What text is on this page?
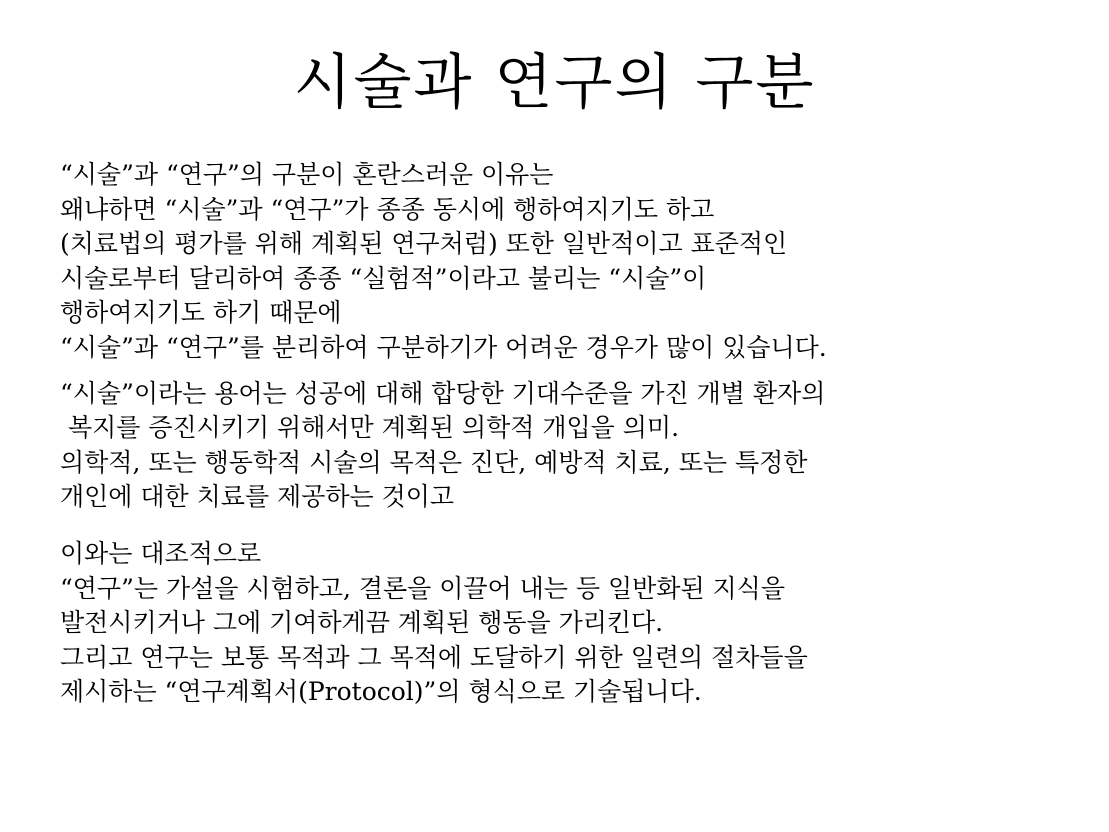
시술과 연구의 구분

“시술”과 “연구”의 구분이 혼란스러운 이유는
왜냐하면 “시술”과 “연구”가 종종 동시에 행하여지기도 하고
(치료법의 평가를 위해 계획된 연구처럼) 또한 일반적이고 표준적인
시술로부터 달리하여 종종 “실험적”이라고 불리는 “시술”이
행하여지기도 하기 때문에
“시술”과 “연구”를 분리하여 구분하기가 어려운 경우가 많이 있습니다.

“시술”이라는 용어는 성공에 대해 합당한 기대수준을 가진 개별 환자의
복지를 증진시키기 위해서만 계획된 의학적 개입을 의미.
의학적, 또는 행동학적 시술의 목적은 진단, 예방적 치료, 또는 특정한
개인에 대한 치료를 제공하는 것이고

이와는 대조적으로
“연구”는 가설을 시험하고, 결론을 이끌어 내는 등 일반화된 지식을
발전시키거나 그에 기여하게끔 계획된 행동을 가리킨다.
그리고 연구는 보통 목적과 그 목적에 도달하기 위한 일련의 절차들을
제시하는 “연구계획서(Protocol)”의 형식으로 기술됩니다.
